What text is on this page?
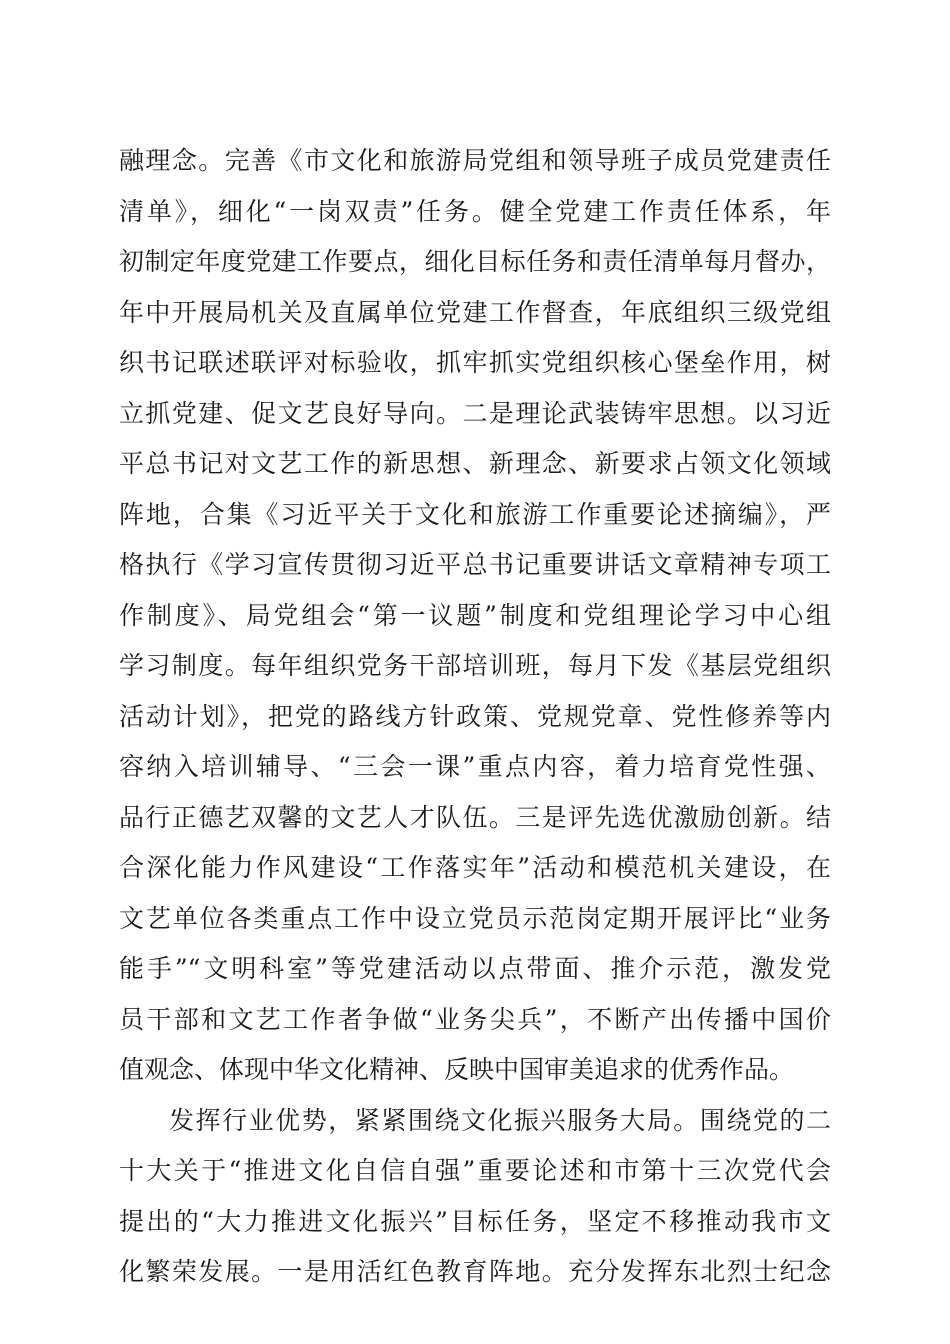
融理念。完善《市文化和旅游局党组和领导班子成员党建责任
清单》，细化“一岗双责”任务。健全党建工作责任体系，年
初制定年度党建工作要点，细化目标任务和责任清单每月督办，
年中开展局机关及直属单位党建工作督查，年底组织三级党组
织书记联述联评对标验收，抓牢抓实党组织核心堡垒作用，树
立抓党建、促文艺良好导向。二是理论武装铸牢思想。以习近
平总书记对文艺工作的新思想、新理念、新要求占领文化领域
阵地，合集《习近平关于文化和旅游工作重要论述摘编》，严
格执行《学习宣传贯彻习近平总书记重要讲话文章精神专项工
作制度》、局党组会“第一议题”制度和党组理论学习中心组
学习制度。每年组织党务干部培训班，每月下发《基层党组织
活动计划》，把党的路线方针政策、党规党章、党性修养等内
容纳入培训辅导、“三会一课”重点内容，着力培育党性强、
品行正德艺双馨的文艺人才队伍。三是评先选优激励创新。结
合深化能力作风建设“工作落实年”活动和模范机关建设，在
文艺单位各类重点工作中设立党员示范岗定期开展评比“业务
能手”“文明科室”等党建活动以点带面、推介示范，激发党
员干部和文艺工作者争做“业务尖兵”，不断产出传播中国价
值观念、体现中华文化精神、反映中国审美追求的优秀作品。
发挥行业优势，紧紧围绕文化振兴服务大局。围绕党的二
十大关于“推进文化自信自强”重要论述和市第十三次党代会
提出的“大力推进文化振兴”目标任务，坚定不移推动我市文
化繁荣发展。一是用活红色教育阵地。充分发挥东北烈士纪念
